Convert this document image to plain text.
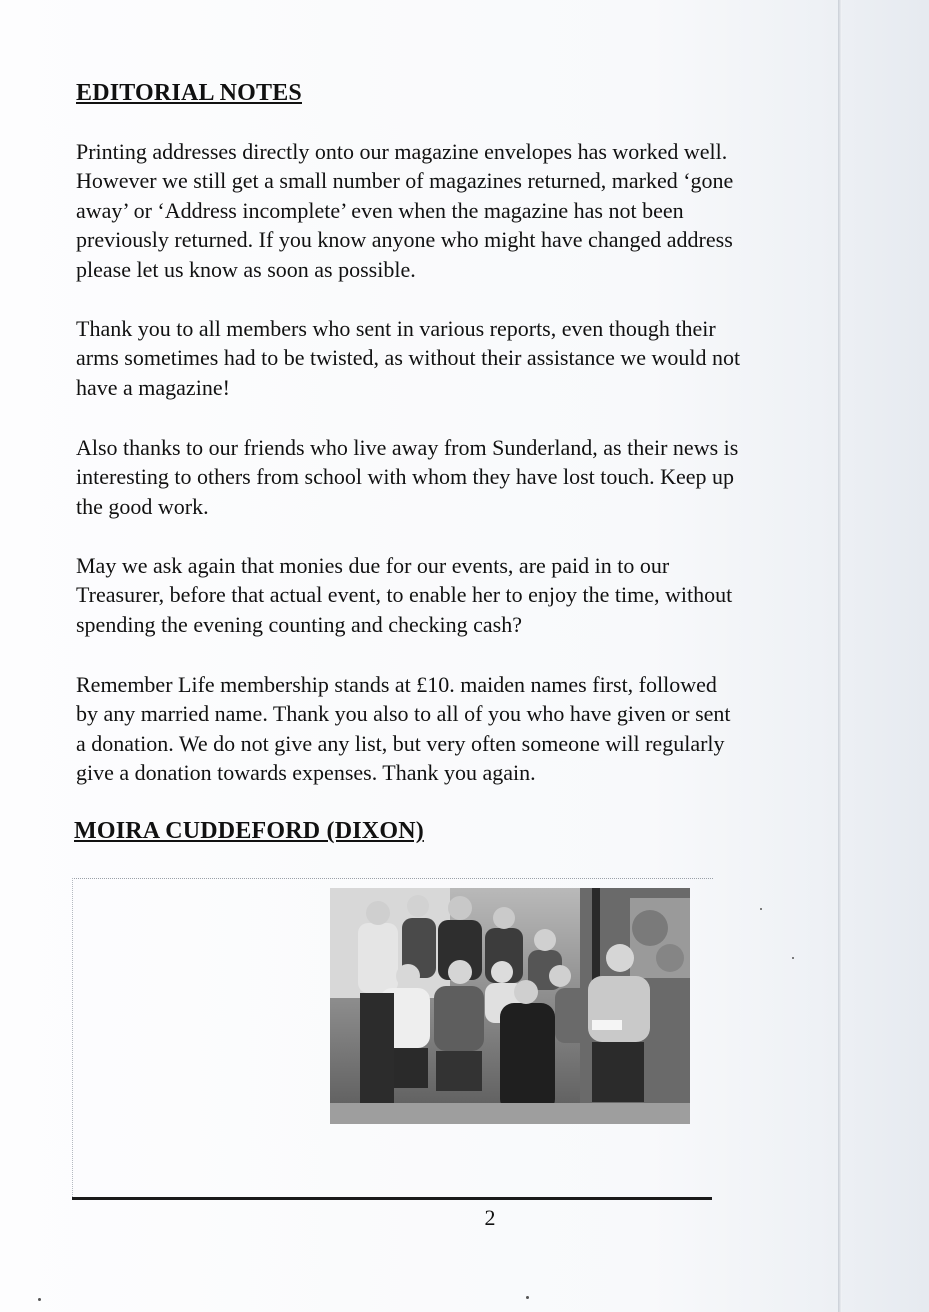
EDITORIAL NOTES
Printing addresses directly onto our magazine envelopes has worked well.
However we still get a small number of magazines returned, marked ‘gone
away’ or ‘Address incomplete’ even when the magazine has not been
previously returned. If you know anyone who might have changed address
please let us know as soon as possible.
Thank you to all members who sent in various reports, even though their
arms sometimes had to be twisted, as without their assistance we would not
have a magazine!
Also thanks to our friends who live away from Sunderland, as their news is
interesting to others from school with whom they have lost touch. Keep up
the good work.
May we ask again that monies due for our events, are paid in to our
Treasurer, before that actual event, to enable her to enjoy the time, without
spending the evening counting and checking cash?
Remember Life membership stands at £10. maiden names first, followed
by any married name. Thank you also to all of you who have given or sent
a donation. We do not give any list, but very often someone will regularly
give a donation towards expenses. Thank you again.
MOIRA CUDDEFORD (DIXON)
2
